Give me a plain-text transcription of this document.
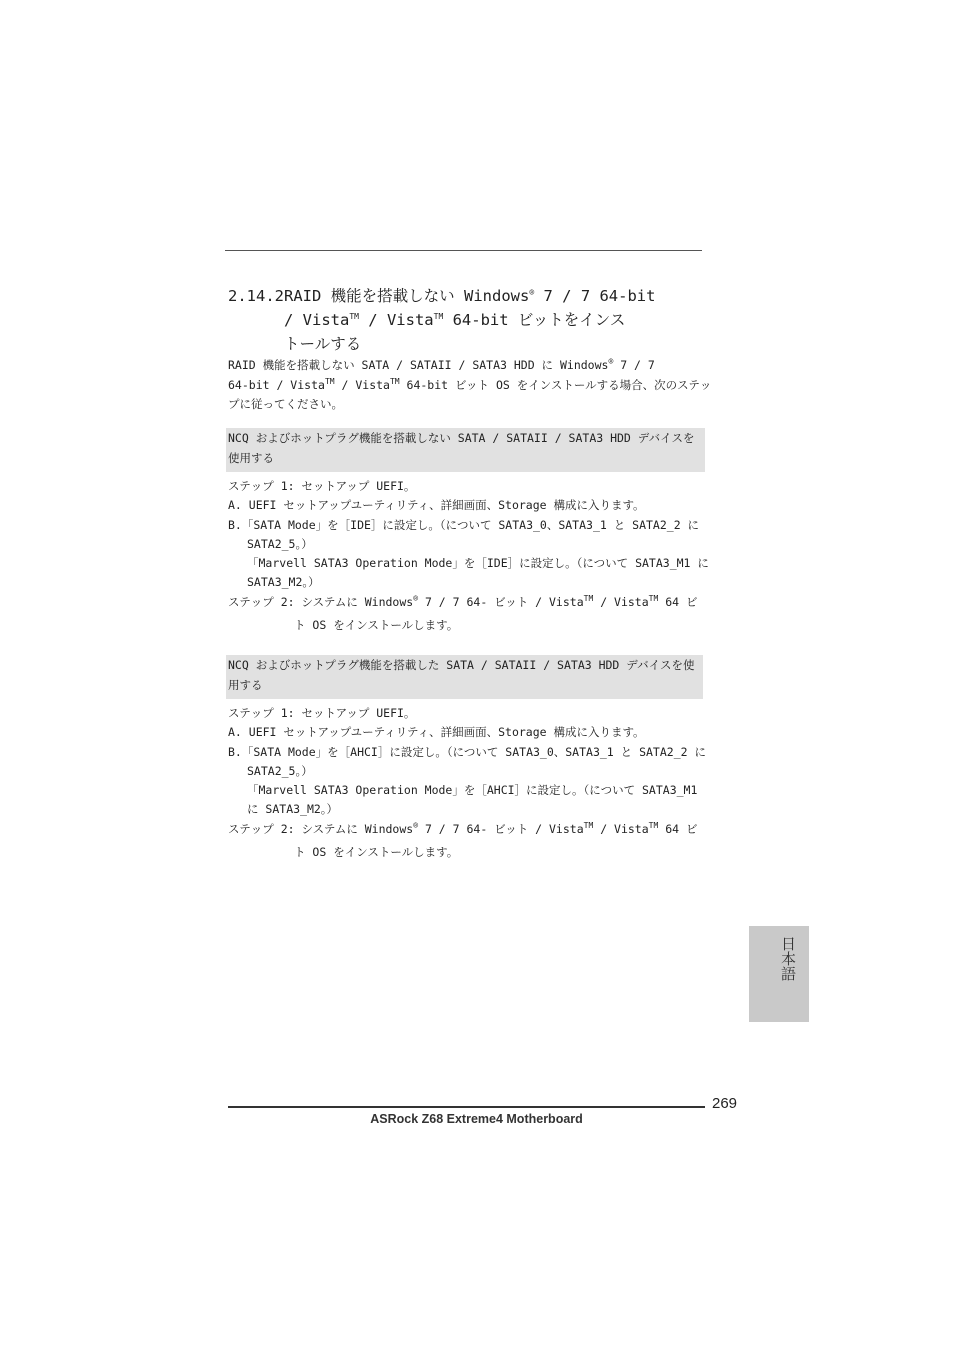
2.14.2RAID 機能を搭載しない Windows® 7 / 7 64-bit
/ Vista™ / Vista™ 64-bit ビットをインス
トールする
RAID 機能を搭載しない SATA / SATAII / SATA3 HDD に Windows® 7 / 7
64-bit / Vista™ / Vista™ 64-bit ビット OS をインストールする場合、次のステッ
プに従ってください。
NCQ およびホットプラグ機能を搭載しない SATA / SATAII / SATA3 HDD デバイスを
使用する
ステップ 1: セットアップ UEFI。
A. UEFI セットアップユーティリティ、詳細画面、Storage 構成に入ります。
B.「SATA Mode」を［IDE］に設定し。（について SATA3_0、SATA3_1 と SATA2_2 に
SATA2_5。）
「Marvell SATA3 Operation Mode」を［IDE］に設定し。（について SATA3_M1 に
SATA3_M2。）
ステップ 2: システムに Windows® 7 / 7 64- ビット / Vista™ / Vista™ 64 ビ
ト OS をインストールします。
NCQ およびホットプラグ機能を搭載した SATA / SATAII / SATA3 HDD デバイスを使
用する
ステップ 1: セットアップ UEFI。
A. UEFI セットアップユーティリティ、詳細画面、Storage 構成に入ります。
B.「SATA Mode」を［AHCI］に設定し。（について SATA3_0、SATA3_1 と SATA2_2 に
SATA2_5。）
「Marvell SATA3 Operation Mode」を［AHCI］に設定し。（について SATA3_M1
に SATA3_M2。）
ステップ 2: システムに Windows® 7 / 7 64- ビット / Vista™ / Vista™ 64 ビ
ト OS をインストールします。
日本語
269
ASRock Z68 Extreme4 Motherboard
